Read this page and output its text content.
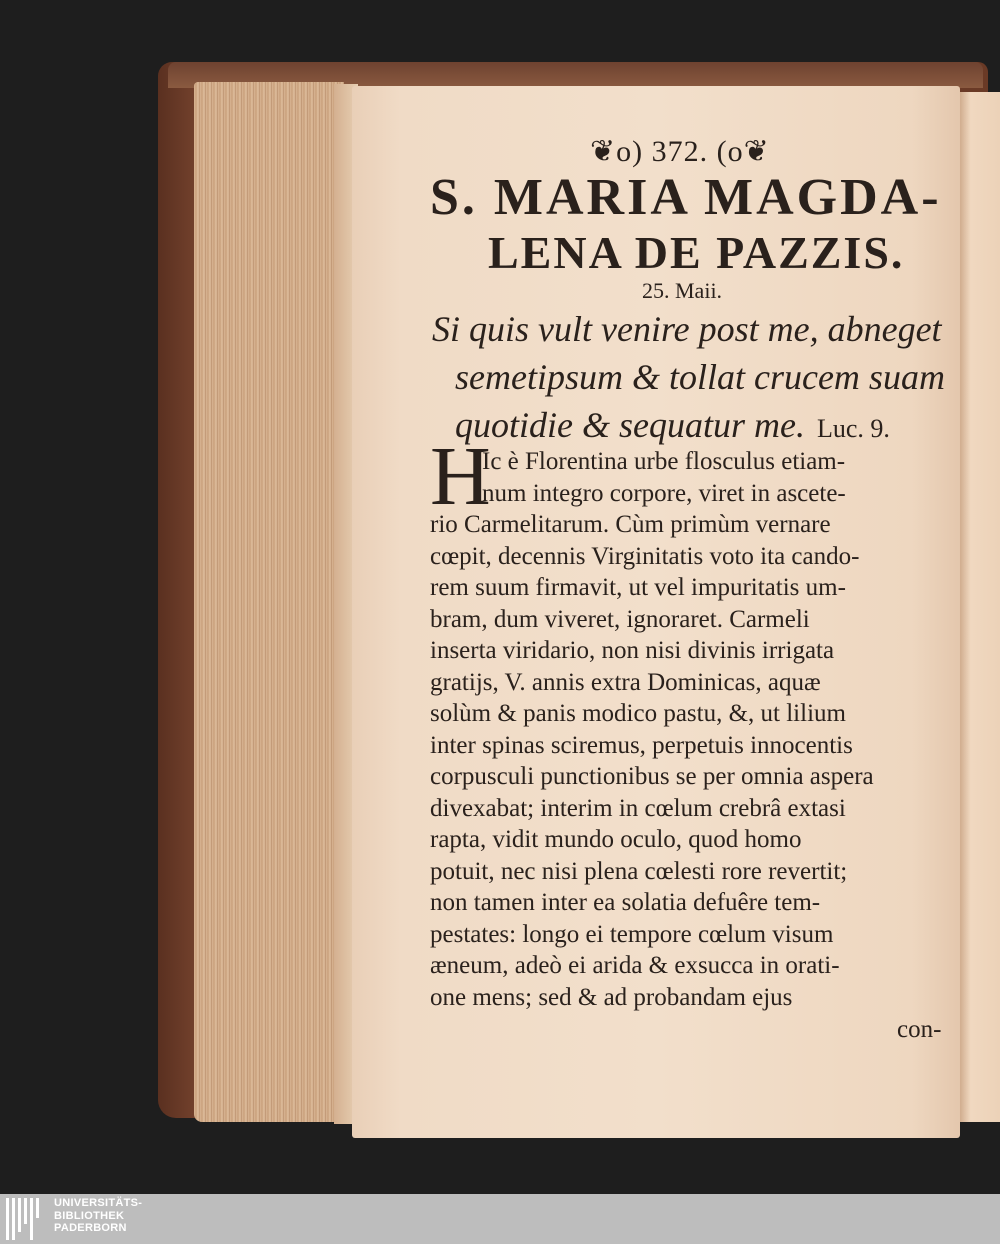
❦o) 372. (o❦
S. MARIA MAGDA-
LENA DE PAZZIS.
25. Maii.
Si quis vult venire post me, abneget
semetipsum & tollat crucem suam
quotidie & sequatur me. Luc. 9.
H
Ic è Florentina urbe flosculus etiam-
num integro corpore, viret in ascete-
rio Carmelitarum. Cùm primùm vernare
cœpit, decennis Virginitatis voto ita cando-
rem suum firmavit, ut vel impuritatis um-
bram, dum viveret, ignoraret. Carmeli
inserta viridario, non nisi divinis irrigata
gratijs, V. annis extra Dominicas, aquæ
solùm & panis modico pastu, &, ut lilium
inter spinas sciremus, perpetuis innocentis
corpusculi punctionibus se per omnia aspera
divexabat; interim in cœlum crebrâ extasi
rapta, vidit mundo oculo, quod homo
potuit, nec nisi plena cœlesti rore revertit;
non tamen inter ea solatia defuêre tem-
pestates: longo ei tempore cœlum visum
æneum, adeò ei arida & exsucca in orati-
one mens; sed & ad probandam ejus
con-
UNIVERSITÄTS-
BIBLIOTHEK
PADERBORN
